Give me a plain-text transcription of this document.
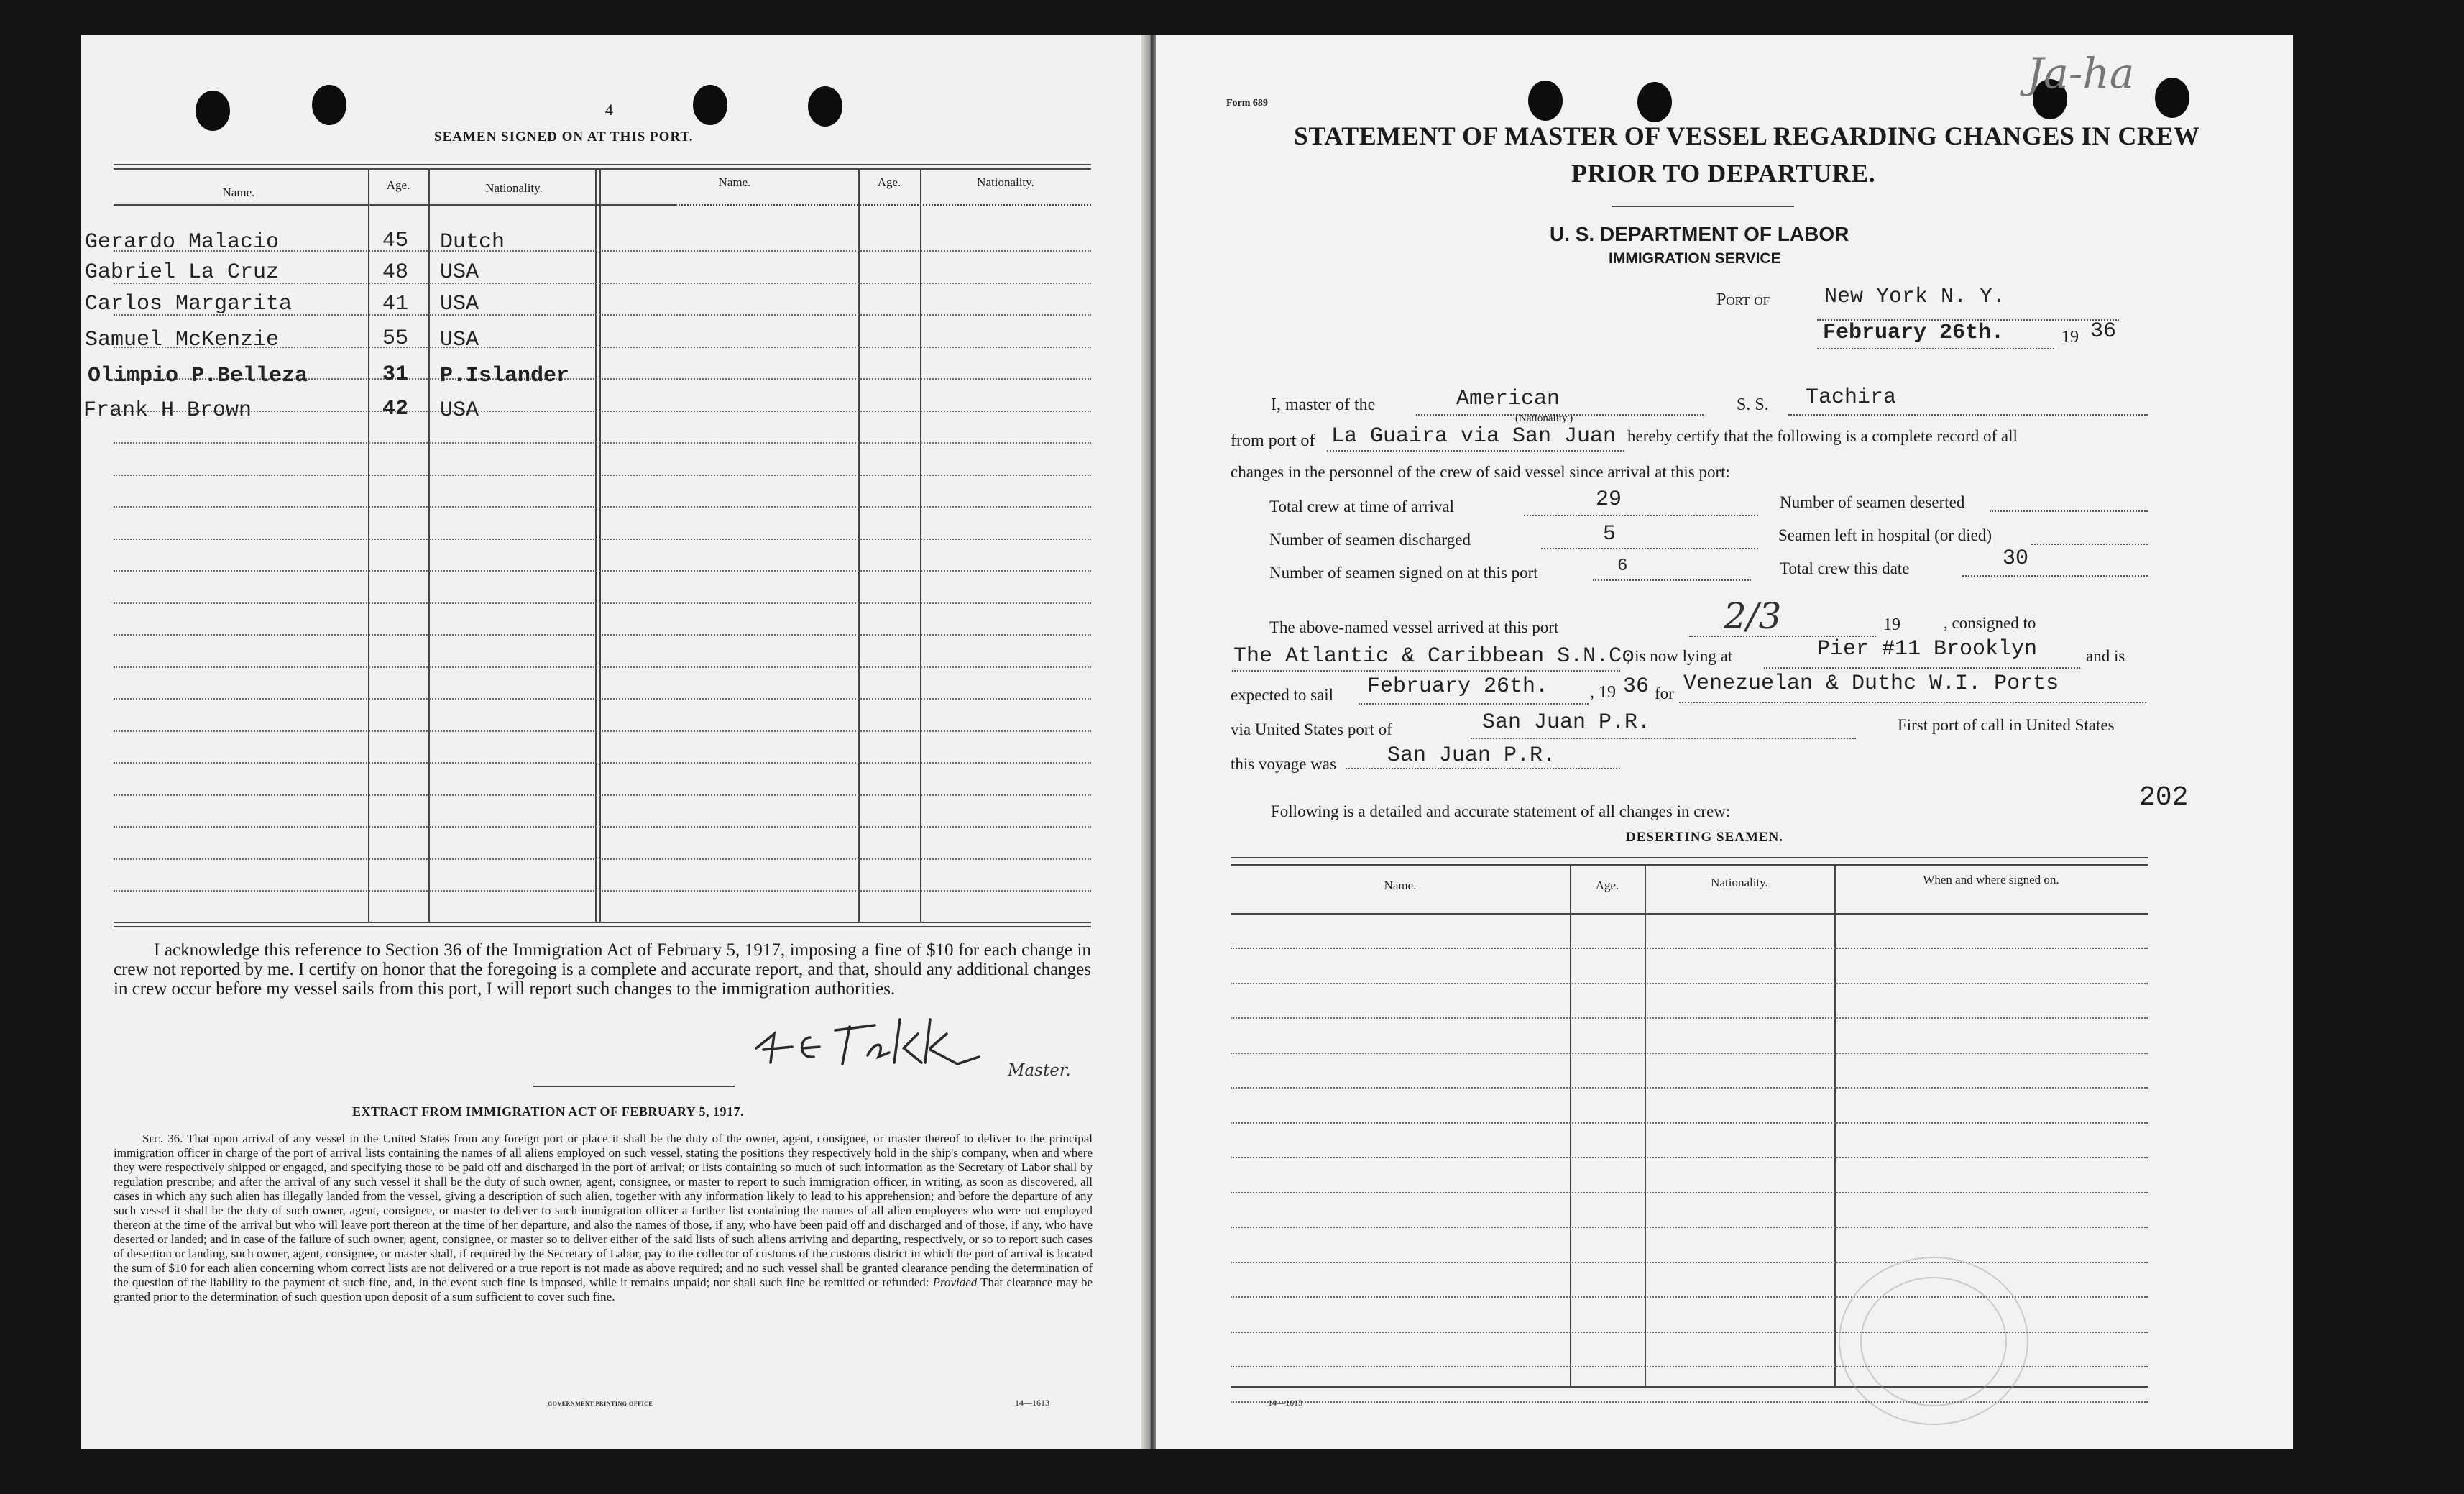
4
SEAMEN SIGNED ON AT THIS PORT.
Name.
Age.	Nationality.	Name.	Age.	Nationality.
Gerardo Malacio	45 Dutch
Gabriel La Cruz	48 USA
Carlos Margarita	41 USA
Samuel McKenzie	55 USA
Olimpio P.Belleza	31 P.Islander
Frank H Brown	42 USA
I acknowledge this reference to Section 36 of the Immigration Act of February 5, 1917, imposing a fine of $10 for each change in crew not reported by me. I certify on honor that the foregoing is a complete and accurate report, and that, should any additional changes in crew occur before my vessel sails from this port, I will report such changes to the immigration authorities.
Master.
EXTRACT FROM IMMIGRATION ACT OF FEBRUARY 5, 1917.
Sec. 36. That upon arrival of any vessel in the United States from any foreign port or place it shall be the duty of the owner, agent, consignee, or master thereof to deliver to the principal immigration officer in charge of the port of arrival lists containing the names of all aliens employed on such vessel, stating the positions they respectively hold in the ship's company, when and where they were respectively shipped or engaged, and specifying those to be paid off and discharged in the port of arrival; or lists containing so much of such information as the Secretary of Labor shall by regulation prescribe; and after the arrival of any such vessel it shall be the duty of such owner, agent, consignee, or master to report to such immigration officer, in writing, as soon as discovered, all cases in which any such alien has illegally landed from the vessel, giving a description of such alien, together with any information likely to lead to his apprehension; and before the departure of any such vessel it shall be the duty of such owner, agent, consignee, or master to deliver to such immigration officer a further list containing the names of all alien employees who were not employed thereon at the time of the arrival but who will leave port thereon at the time of her departure, and also the names of those, if any, who have been paid off and discharged and of those, if any, who have deserted or landed; and in case of the failure of such owner, agent, consignee, or master so to deliver either of the said lists of such aliens arriving and departing, respectively, or so to report such cases of desertion or landing, such owner, agent, consignee, or master shall, if required by the Secretary of Labor, pay to the collector of customs of the customs district in which the port of arrival is located the sum of $10 for each alien concerning whom correct lists are not delivered or a true report is not made as above required; and no such vessel shall be granted clearance pending the determination of the question of the liability to the payment of such fine, and, in the event such fine is imposed, while it remains unpaid; nor shall such fine be remitted or refunded: Provided That clearance may be granted prior to the determination of such question upon deposit of a sum sufficient to cover such fine.
GOVERNMENT PRINTING OFFICE	14—1613
Form 689
Ja-ha
STATEMENT OF MASTER OF VESSEL REGARDING CHANGES IN CREW
PRIOR TO DEPARTURE.
U. S. DEPARTMENT OF LABOR
IMMIGRATION SERVICE
Port of	New York N. Y.
February 26th.	19 36
I, master of the	American
(Nationality.)
S. S. Tachira
from port of La Guaira via San Juan hereby certify that the following is a complete record of all
changes in the personnel of the crew of said vessel since arrival at this port:
Total crew at time of arrival	29	Number of seamen deserted
Number of seamen discharged	5	Seamen left in hospital (or died)
Number of seamen signed on at this port	6	Total crew this date	30
The above-named vessel arrived at this port	2/3	19	, consigned to
The Atlantic & Caribbean S.N.Co
; is now lying at	Pier #11 Brooklyn	and is
expected to sail February 26th. , 19 36 for Venezuelan & Duthc W.I. Ports
via United States port of	San Juan P.R.	First port of call in United States
this voyage was San Juan P.R.
Following is a detailed and accurate statement of all changes in crew:	202
DESERTING SEAMEN.
Name.	Age.	Nationality.	When and where signed on.
14—1613
